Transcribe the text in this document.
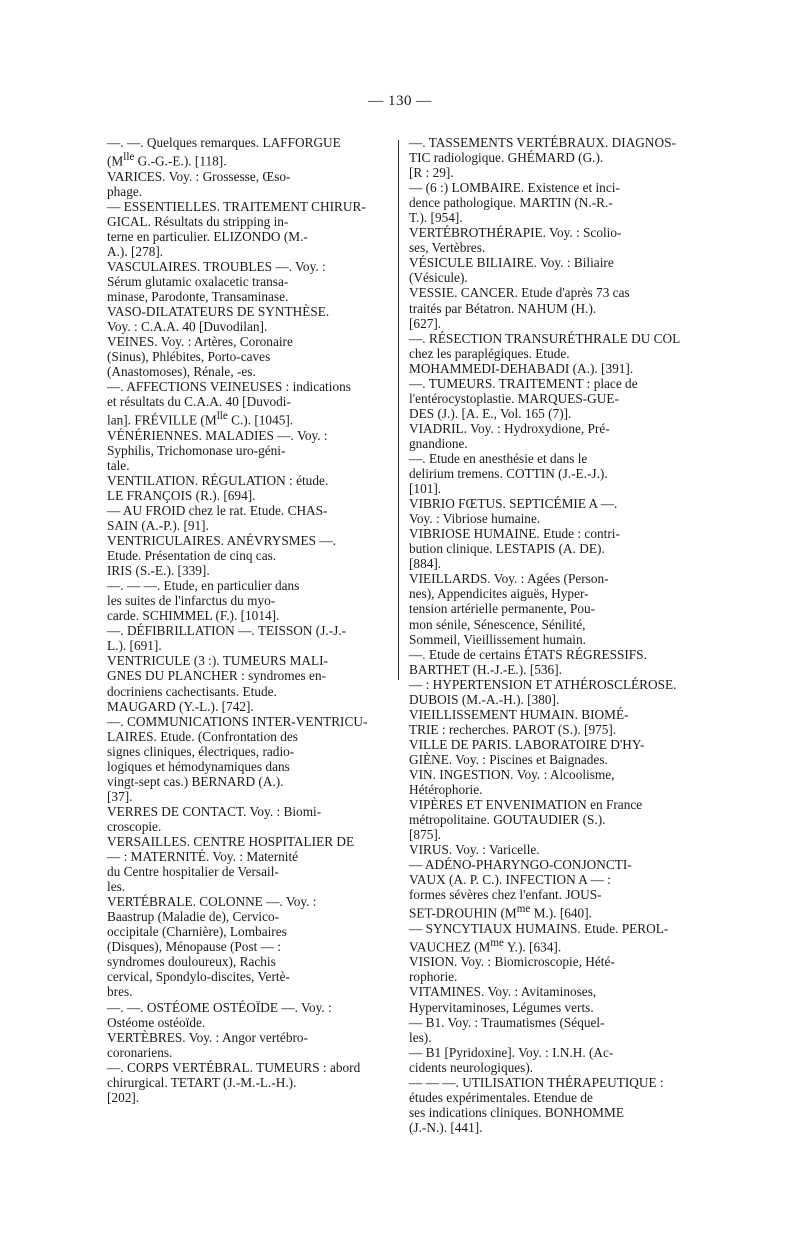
— 130 —

—. —. Quelques remarques. LAFFORGUE
($M^{lle}$ G.-G.-E.). [118].

VARICES. Voy. : Grossesse, Œso-
phage.

— ESSENTIELLES. TRAITEMENT CHIRUR-
GICAL. Résultats du stripping in-
terne en particulier. ELIZONDO (M.-
A.). [278].

VASCULAIRES. TROUBLES —. Voy. :
Sérum glutamic oxalacetic transa-
minase, Parodonte, Transaminase.

VASO-DILATATEURS DE SYNTHÈSE.
Voy. : C.A.A. 40 [Duvodilan].

VEINES. Voy. : Artères, Coronaire
(Sinus), Phlébites, Porto-caves
(Anastomoses), Rénale, -es.

—. AFFECTIONS VEINEUSES : indications
et résultats du C.A.A. 40 [Duvodi-
lan]. FRÉVILLE ($M^{lle}$ C.). [1045].

VÉNÉRIENNES. MALADIES —. Voy. :
Syphilis, Trichomonase uro-géni-
tale.

VENTILATION. RÉGULATION : étude.
LE FRANÇOIS (R.). [694].

— AU FROID chez le rat. Etude. CHAS-
SAIN (A.-P.). [91].

VENTRICULAIRES. ANÉVRYSMES —.
Etude. Présentation de cinq cas.
IRIS (S.-E.). [339].

—. — —. Etude, en particulier dans
les suites de l'infarctus du myo-
carde. SCHIMMEL (F.). [1014].

—. DÉFIBRILLATION —. TEISSON (J.-J.-
L.). [691].

VENTRICULE (3 :). TUMEURS MALI-
GNES DU PLANCHER : syndromes en-
docriniens cachectisants. Etude.
MAUGARD (Y.-L.). [742].

—. COMMUNICATIONS INTER-VENTRICU-
LAIRES. Etude. (Confrontation des
signes cliniques, électriques, radio-
logiques et hémodynamiques dans
vingt-sept cas.) BERNARD (A.).
[37].

VERRES DE CONTACT. Voy. : Biomi-
croscopie.

VERSAILLES. CENTRE HOSPITALIER DE
— : MATERNITÉ. Voy. : Maternité
du Centre hospitalier de Versail-
les.

VERTÉBRALE. COLONNE —. Voy. :
Baastrup (Maladie de), Cervico-
occipitale (Charnière), Lombaires
(Disques), Ménopause (Post — :
syndromes douloureux), Rachis
cervical, Spondylo-discites, Vertè-
bres.

—. —. OSTÉOME OSTÉOÏDE —. Voy. :
Ostéome ostéoïde.

VERTÈBRES. Voy. : Angor vertébro-
coronariens.

—. CORPS VERTÉBRAL. TUMEURS : abord
chirurgical. TETART (J.-M.-L.-H.).
[202].

—. TASSEMENTS VERTÉBRAUX. DIAGNOS-
TIC radiologique. GHÉMARD (G.).
[R : 29].

— (6 :) LOMBAIRE. Existence et inci-
dence pathologique. MARTIN (N.-R.-
T.). [954].

VERTÉBROTHÉRAPIE. Voy. : Scolio-
ses, Vertèbres.

VÉSICULE BILIAIRE. Voy. : Biliaire
(Vésicule).

VESSIE. CANCER. Etude d'après 73 cas
traités par Bétatron. NAHUM (H.).
[627].

—. RÉSECTION TRANSURÉTHRALE DU COL
chez les paraplégiques. Etude.
MOHAMMEDI-DEHABADI (A.). [391].

—. TUMEURS. TRAITEMENT : place de
l'entérocystoplastie. MARQUES-GUE-
DES (J.). [A. E., Vol. 165 (7)].

VIADRIL. Voy. : Hydroxydione, Pré-
gnandione.

—. Etude en anesthésie et dans le
delirium tremens. COTTIN (J.-E.-J.).
[101].

VIBRIO FŒTUS. SEPTICÉMIE A —.
Voy. : Vibriose humaine.

VIBRIOSE HUMAINE. Etude : contri-
bution clinique. LESTAPIS (A. DE).
[884].

VIEILLARDS. Voy. : Agées (Person-
nes), Appendicites aiguës, Hyper-
tension artérielle permanente, Pou-
mon sénile, Sénescence, Sénilité,
Sommeil, Vieillissement humain.

—. Etude de certains ÉTATS RÉGRESSIFS.
BARTHET (H.-J.-E.). [536].

— : HYPERTENSION ET ATHÉROSCLÉROSE.
DUBOIS (M.-A.-H.). [380].

VIEILLISSEMENT HUMAIN. BIOMÉ-
TRIE : recherches. PAROT (S.). [975].

VILLE DE PARIS. LABORATOIRE D'HY-
GIÈNE. Voy. : Piscines et Baignades.

VIN. INGESTION. Voy. : Alcoolisme,
Hétérophorie.

VIPÈRES ET ENVENIMATION en France
métropolitaine. GOUTAUDIER (S.).
[875].

VIRUS. Voy. : Varicelle.

— ADÉNO-PHARYNGO-CONJONCTI-
VAUX (A. P. C.). INFECTION A — :
formes sévères chez l'enfant. JOUS-
SET-DROUHIN ($M^{me}$ M.). [640].

— SYNCYTIAUX HUMAINS. Etude. PEROL-
VAUCHEZ ($M^{me}$ Y.). [634].

VISION. Voy. : Biomicroscopie, Hété-
rophorie.

VITAMINES. Voy. : Avitaminoses,
Hypervitaminoses, Légumes verts.

— B1. Voy. : Traumatismes (Séquel-
les).

— B1 [Pyridoxine]. Voy. : I.N.H. (Ac-
cidents neurologiques).

— — —. UTILISATION THÉRAPEUTIQUE :
études expérimentales. Etendue de
ses indications cliniques. BONHOMME
(J.-N.). [441].
